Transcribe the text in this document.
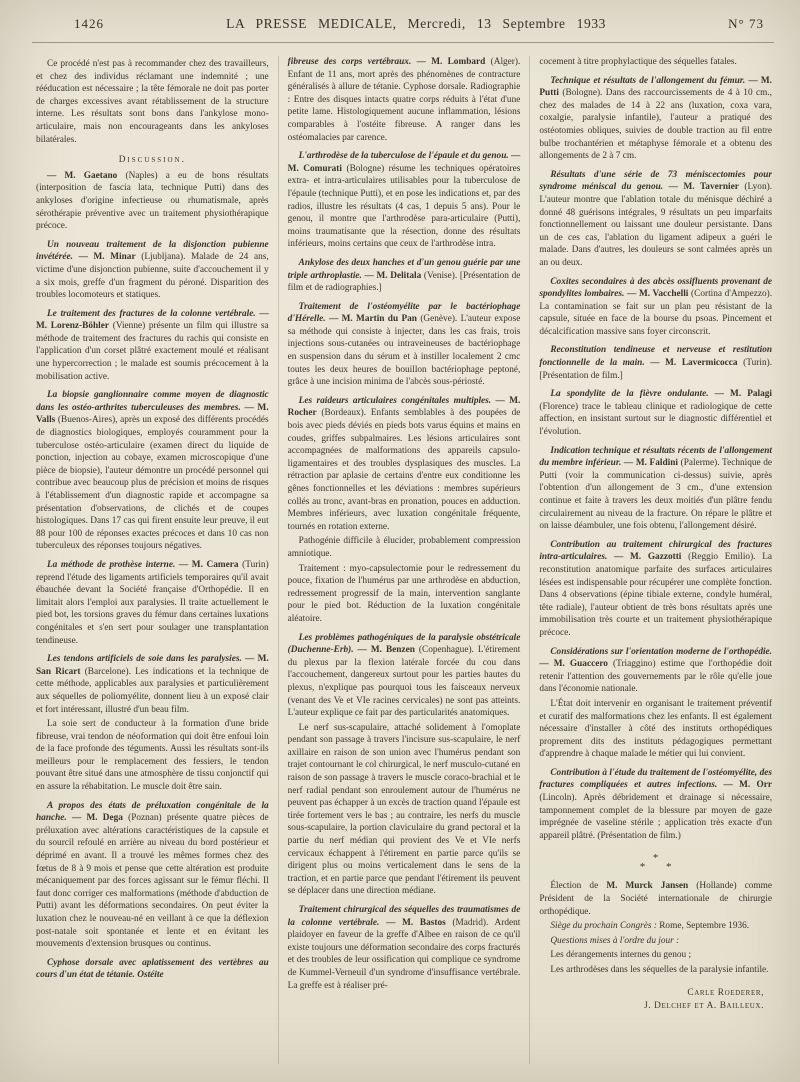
1426	LA PRESSE MEDICALE, Mercredi, 13 Septembre 1933	N° 73

Ce procédé n'est pas à recommander chez des travailleurs, et chez des individus réclamant une indemnité ; une rééducation est nécessaire ; la tête fémorale ne doit pas porter de charges excessives avant rétablissement de la structure interne. Les résultats sont bons dans l'ankylose mono-articulaire, mais non encourageants dans les ankyloses bilatérales.

Discussion.

— M. Gaetano (Naples) a eu de bons résultats (interposition de fascia lata, technique Putti) dans des ankyloses d'origine infectieuse ou rhumatismale, après sérothérapie préventive avec un traitement physiothérapique précoce.

Un nouveau traitement de la disjonction pubienne invétérée. — M. Minar (Ljubljana). Malade de 24 ans, victime d'une disjonction pubienne, suite d'accouchement il y a six mois, greffe d'un fragment du péroné. Disparition des troubles locomoteurs et statiques.

Le traitement des fractures de la colonne vertébrale. — M. Lorenz-Böhler (Vienne) présente un film qui illustre sa méthode de traitement des fractures du rachis qui consiste en l'application d'un corset plâtré exactement moulé et réalisant une hypercorrection ; le malade est soumis précocement à la mobilisation active.

La biopsie ganglionnaire comme moyen de diagnostic dans les ostéo-arthrites tuberculeuses des membres. — M. Valls (Buenos-Aires), après un exposé des différents procédés de diagnostics biologiques, employés couramment pour la tuberculose ostéo-articulaire (examen direct du liquide de ponction, injection au cobaye, examen microscopique d'une pièce de biopsie), l'auteur démontre un procédé personnel qui contribue avec beaucoup plus de précision et moins de risques à l'établissement d'un diagnostic rapide et accompagne sa présentation d'observations, de clichés et de coupes histologiques. Dans 17 cas qui firent ensuite leur preuve, il eut 88 pour 100 de réponses exactes précoces et dans 10 cas non tuberculeux des réponses toujours négatives.

La méthode de prothèse interne. — M. Camera (Turin) reprend l'étude des ligaments artificiels temporaires qu'il avait ébauchée devant la Société française d'Orthopédie. Il en limitait alors l'emploi aux paralysies. Il traite actuellement le pied bot, les torsions graves du fémur dans certaines luxations congénitales et s'en sert pour soulager une transplantation tendineuse.

Les tendons artificiels de soie dans les paralysies. — M. San Ricart (Barcelone). Les indications et la technique de cette méthode, applicables aux paralysies et particulièrement aux séquelles de poliomyélite, donnent lieu à un exposé clair et fort intéressant, illustré d'un beau film.

La soie sert de conducteur à la formation d'une bride fibreuse, vrai tendon de néoformation qui doit être enfoui loin de la face profonde des téguments. Aussi les résultats sont-ils meilleurs pour le remplacement des fessiers, le tendon pouvant être situé dans une atmosphère de tissu conjonctif qui en assure la réhabitation. Le muscle doit être sain.

A propos des états de préluxation congénitale de la hanche. — M. Dega (Poznan) présente quatre pièces de préluxation avec altérations caractéristiques de la capsule et du sourcil refoulé en arrière au niveau du bord postérieur et déprimé en avant. Il a trouvé les mêmes formes chez des fœtus de 8 à 9 mois et pense que cette altération est produite mécaniquement par des forces agissant sur le fémur fléchi. Il faut donc corriger ces malformations (méthode d'abduction de Putti) avant les déformations secondaires. On peut éviter la luxation chez le nouveau-né en veillant à ce que la déflexion post-natale soit spontanée et lente et en évitant les mouvements d'extension brusques ou continus.

Cyphose dorsale avec aplatissement des vertèbres au cours d'un état de tétanie. Ostéite

fibreuse des corps vertébraux. — M. Lombard (Alger). Enfant de 11 ans, mort après des phénomènes de contracture généralisés à allure de tétanie. Cyphose dorsale. Radiographie : Entre des disques intacts quatre corps réduits à l'état d'une petite lame. Histologiquement aucune inflammation, lésions comparables à l'ostéite fibreuse. A ranger dans les ostéomalacies par carence.

L'arthrodèse de la tuberculose de l'épaule et du genou. — M. Comurati (Bologne) résume les techniques opératoires extra- et intra-articulaires utilisables pour la tuberculose de l'épaule (technique Putti), et en pose les indications et, par des radios, illustre les résultats (4 cas, 1 depuis 5 ans). Pour le genou, il montre que l'arthrodèse para-articulaire (Putti), moins traumatisante que la résection, donne des résultats inférieurs, moins certains que ceux de l'arthrodèse intra.

Ankylose des deux hanches et d'un genou guérie par une triple arthroplastie. — M. Delitala (Venise). [Présentation de film et de radiographies.]

Traitement de l'ostéomyélite par le bactériophage d'Hérelle. — M. Martin du Pan (Genève). L'auteur expose sa méthode qui consiste à injecter, dans les cas frais, trois injections sous-cutanées ou intraveineuses de bactériophage en suspension dans du sérum et à instiller localement 2 cmc toutes les deux heures de bouillon bactériophage peptoné, grâce à une incision minima de l'abcès sous-périosté.

Les raideurs articulaires congénitales multiples. — M. Rocher (Bordeaux). Enfants semblables à des poupées de bois avec pieds déviés en pieds bots varus équins et mains en coudes, griffes subpalmaires. Les lésions articulaires sont accompagnées de malformations des appareils capsulo-ligamentaires et des troubles dysplasiques des muscles. La rétraction par aplasie de certains d'entre eux conditionne les gênes fonctionnelles et les déviations : membres supérieurs collés au tronc, avant-bras en pronation, pouces en adduction. Membres inférieurs, avec luxation congénitale fréquente, tournés en rotation externe.

Pathogénie difficile à élucider, probablement compression amniotique.

Traitement : myo-capsulectomie pour le redressement du pouce, fixation de l'humérus par une arthrodèse en abduction, redressement progressif de la main, intervention sanglante pour le pied bot. Réduction de la luxation congénitale aléatoire.

Les problèmes pathogéniques de la paralysie obstétricale (Duchenne-Erb). — M. Benzen (Copenhague). L'étirement du plexus par la flexion latérale forcée du cou dans l'accouchement, dangereux surtout pour les parties hautes du plexus, n'explique pas pourquoi tous les faisceaux nerveux (venant des Ve et VIe racines cervicales) ne sont pas atteints. L'auteur explique ce fait par des particularités anatomiques.

Le nerf sus-scapulaire, attaché solidement à l'omoplate pendant son passage à travers l'incisure sus-scapulaire, le nerf axillaire en raison de son union avec l'humérus pendant son trajet contournant le col chirurgical, le nerf musculo-cutané en raison de son passage à travers le muscle coraco-brachial et le nerf radial pendant son enroulement autour de l'humérus ne peuvent pas échapper à un excès de traction quand l'épaule est tirée fortement vers le bas ; au contraire, les nerfs du muscle sous-scapulaire, la portion claviculaire du grand pectoral et la partie du nerf médian qui provient des Ve et VIe nerfs cervicaux échappent à l'étirement en partie parce qu'ils se dirigent plus ou moins verticalement dans le sens de la traction, et en partie parce que pendant l'étirement ils peuvent se déplacer dans une direction médiane.

Traitement chirurgical des séquelles des traumatismes de la colonne vertébrale. — M. Bastos (Madrid). Ardent plaidoyer en faveur de la greffe d'Albee en raison de ce qu'il existe toujours une déformation secondaire des corps fracturés et des troubles de leur ossification qui complique ce syndrome de Kummel-Verneuil d'un syndrome d'insuffisance vertébrale. La greffe est à réaliser pré-

cocement à titre prophylactique des séquelles fatales.

Technique et résultats de l'allongement du fémur. — M. Putti (Bologne). Dans des raccourcissements de 4 à 10 cm., chez des malades de 14 à 22 ans (luxation, coxa vara, coxalgie, paralysie infantile), l'auteur a pratiqué des ostéotomies obliques, suivies de double traction au fil entre bulbe trochantérien et métaphyse fémorale et a obtenu des allongements de 2 à 7 cm.

Résultats d'une série de 73 méniscectomies pour syndrome méniscal du genou. — M. Tavernier (Lyon). L'auteur montre que l'ablation totale du ménisque déchiré a donné 48 guérisons intégrales, 9 résultats un peu imparfaits fonctionnellement ou laissant une douleur persistante. Dans un de ces cas, l'ablation du ligament adipeux a guéri le malade. Dans d'autres, les douleurs se sont calmées après un an ou deux.

Coxites secondaires à des abcès ossifluents provenant de spondylites lombaires. — M. Vacchelli (Cortina d'Ampezzo). La contamination se fait sur un plan peu résistant de la capsule, située en face de la bourse du psoas. Pincement et décalcification massive sans foyer circonscrit.

Reconstitution tendineuse et nerveuse et restitution fonctionnelle de la main. — M. Lavermicocca (Turin). [Présentation de film.]

La spondylite de la fièvre ondulante. — M. Palagi (Florence) trace le tableau clinique et radiologique de cette affection, en insistant surtout sur le diagnostic différentiel et l'évolution.

Indication technique et résultats récents de l'allongement du membre inférieur. — M. Faldini (Palerme). Technique de Putti (voir la communication ci-dessus) suivie, après l'obtention d'un allongement de 3 cm., d'une extension continue et faite à travers les deux moitiés d'un plâtre fendu circulairement au niveau de la fracture. On répare le plâtre et on laisse déambuler, une fois obtenu, l'allongement désiré.

Contribution au traitement chirurgical des fractures intra-articulaires. — M. Gazzotti (Reggio Emilio). La reconstitution anatomique parfaite des surfaces articulaires lésées est indispensable pour récupérer une complète fonction. Dans 4 observations (épine tibiale externe, condyle huméral, tête radiale), l'auteur obtient de très bons résultats après une immobilisation très courte et un traitement physiothérapique précoce.

Considérations sur l'orientation moderne de l'orthopédie. — M. Guaccero (Triaggino) estime que l'orthopédie doit retenir l'attention des gouvernements par le rôle qu'elle joue dans l'économie nationale.

L'État doit intervenir en organisant le traitement préventif et curatif des malformations chez les enfants. Il est également nécessaire d'installer à côté des instituts orthopédiques proprement dits des instituts pédagogiques permettant d'apprendre à chaque malade le métier qui lui convient.

Contribution à l'étude du traitement de l'ostéomyélite, des fractures compliquées et autres infections. — M. Orr (Lincoln). Après débridement et drainage si nécessaire, tamponnement complet de la blessure par moyen de gaze imprégnée de vaseline stérile ; application très exacte d'un appareil plâtré. (Présentation de film.)

*
* *

Élection de M. Murck Jansen (Hollande) comme Président de la Société internationale de chirurgie orthopédique.

Siège du prochain Congrès : Rome, Septembre 1936.

Questions mises à l'ordre du jour :

Les dérangements internes du genou ;

Les arthrodèses dans les séquelles de la paralysie infantile.

Carle Roederer,
J. Delchef et A. Bailleux.
